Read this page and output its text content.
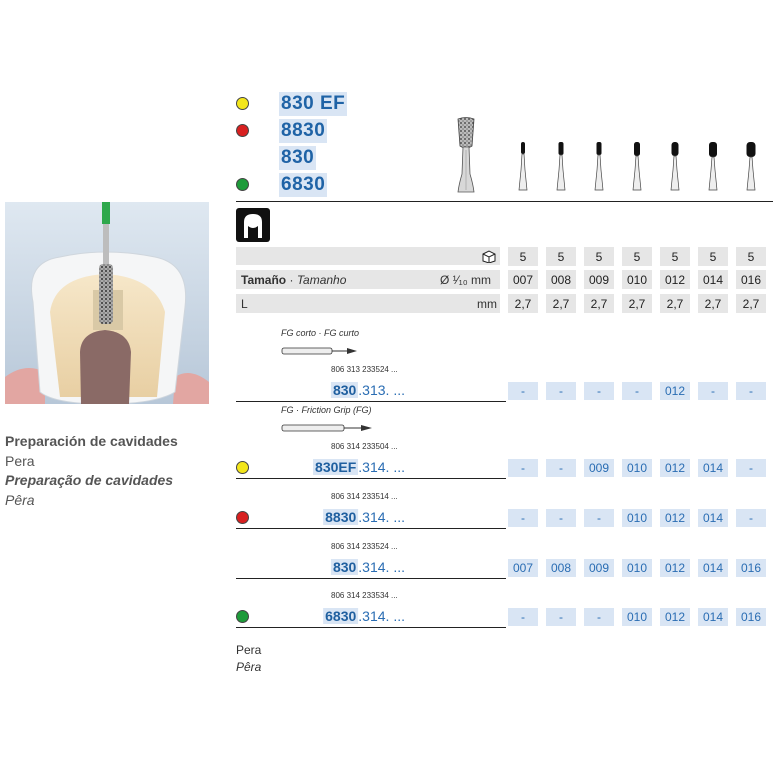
830 EF
8830
830
6830
Preparación de cavidades
Pera
Preparação de cavidades
Pêra
5	5	5	5	5	5	5
Tamaño · Tamanho	Ø ¹⁄₁₀ mm	007	008	009	010	012	014	016
L	mm	2,7	2,7	2,7	2,7	2,7	2,7	2,7
FG corto · FG curto
FG · Friction Grip (FG)
806 313 233524 ...
830 .313. ...	-	-	-	-	012	-	-
806 314 233504 ...
830EF .314. ...	-	-	009	010	012	014	-
806 314 233514 ...
8830 .314. ...	-	-	-	010	012	014	-
806 314 233524 ...
830 .314. ...	007	008	009	010	012	014	016
806 314 233534 ...
6830 .314. ...	-	-	-	010	012	014	016
Pera
Pêra
